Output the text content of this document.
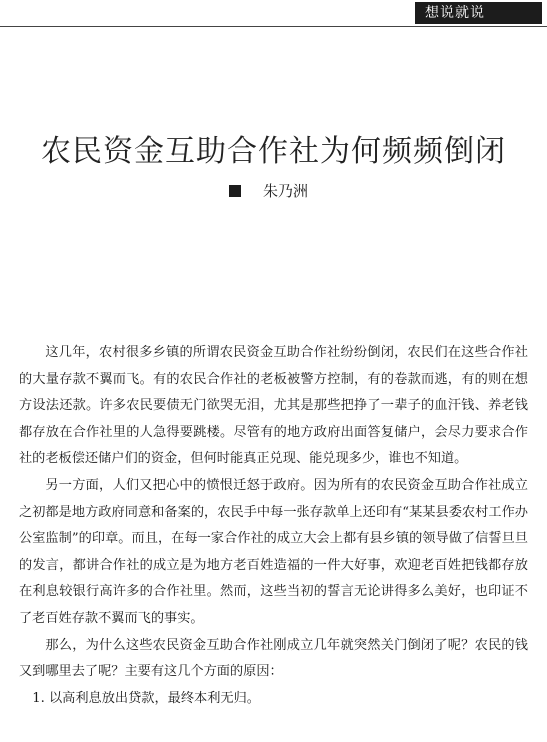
想说就说
农民资金互助合作社为何频频倒闭
朱乃洲

这几年，农村很多乡镇的所谓农民资金互助合作社纷纷倒闭，农民们在这些合作社的大量存款不翼而飞。有的农民合作社的老板被警方控制，有的卷款而逃，有的则在想方设法还款。许多农民要债无门欲哭无泪，尤其是那些把挣了一辈子的血汗钱、养老钱都存放在合作社里的人急得要跳楼。尽管有的地方政府出面答复储户，会尽力要求合作社的老板偿还储户们的资金，但何时能真正兑现、能兑现多少，谁也不知道。

另一方面，人们又把心中的愤恨迁怒于政府。因为所有的农民资金互助合作社成立之初都是地方政府同意和备案的，农民手中每一张存款单上还印有“某某县委农村工作办公室监制”的印章。而且，在每一家合作社的成立大会上都有县乡镇的领导做了信誓旦旦的发言，都讲合作社的成立是为地方老百姓造福的一件大好事，欢迎老百姓把钱都存放在利息较银行高许多的合作社里。然而，这些当初的誓言无论讲得多么美好，也印证不了老百姓存款不翼而飞的事实。

那么，为什么这些农民资金互助合作社刚成立几年就突然关门倒闭了呢？农民的钱又到哪里去了呢？主要有这几个方面的原因：

1. 以高利息放出贷款，最终本利无归。
